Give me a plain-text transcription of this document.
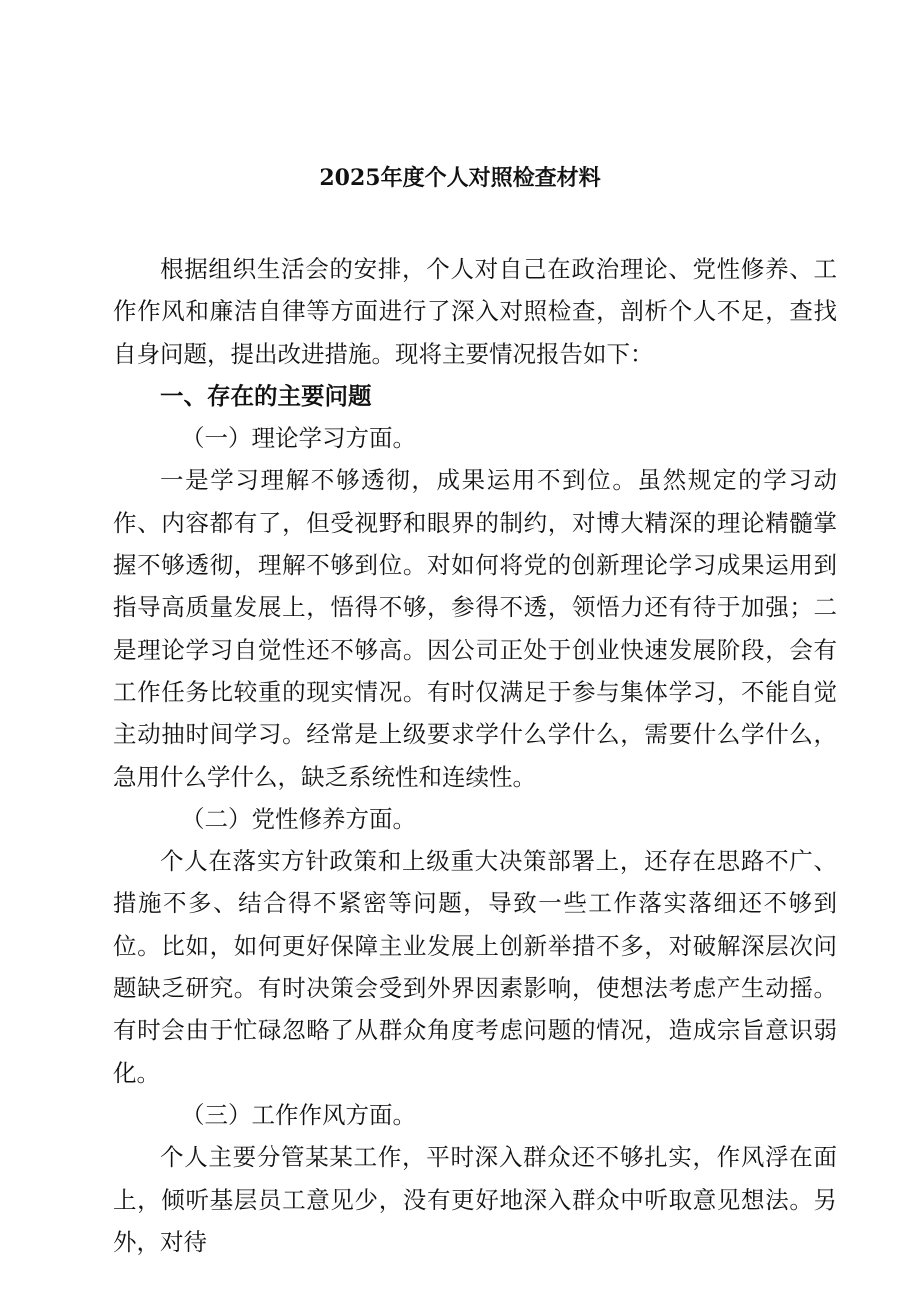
2025年度个人对照检查材料

根据组织生活会的安排，个人对自己在政治理论、党性修养、工作作风和廉洁自律等方面进行了深入对照检查，剖析个人不足，查找自身问题，提出改进措施。现将主要情况报告如下：

一、存在的主要问题

（一）理论学习方面。

一是学习理解不够透彻，成果运用不到位。虽然规定的学习动作、内容都有了，但受视野和眼界的制约，对博大精深的理论精髓掌握不够透彻，理解不够到位。对如何将党的创新理论学习成果运用到指导高质量发展上，悟得不够，参得不透，领悟力还有待于加强；二是理论学习自觉性还不够高。因公司正处于创业快速发展阶段，会有工作任务比较重的现实情况。有时仅满足于参与集体学习，不能自觉主动抽时间学习。经常是上级要求学什么学什么，需要什么学什么，急用什么学什么，缺乏系统性和连续性。

（二）党性修养方面。

个人在落实方针政策和上级重大决策部署上，还存在思路不广、措施不多、结合得不紧密等问题，导致一些工作落实落细还不够到位。比如，如何更好保障主业发展上创新举措不多，对破解深层次问题缺乏研究。有时决策会受到外界因素影响，使想法考虑产生动摇。有时会由于忙碌忽略了从群众角度考虑问题的情况，造成宗旨意识弱化。

（三）工作作风方面。

个人主要分管某某工作，平时深入群众还不够扎实，作风浮在面上，倾听基层员工意见少，没有更好地深入群众中听取意见想法。另外，对待
